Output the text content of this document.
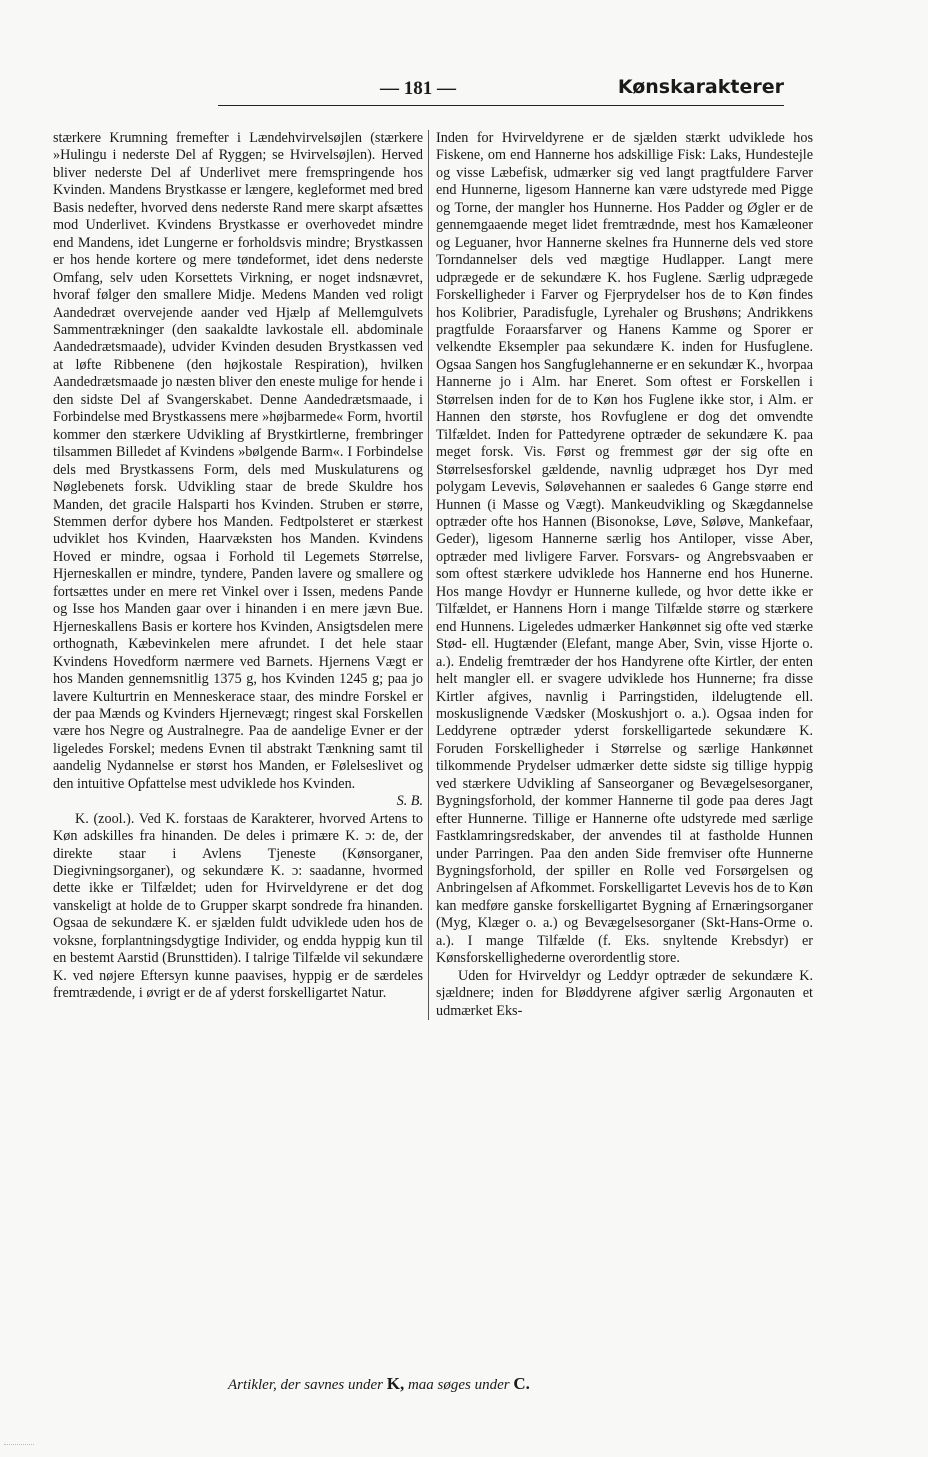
— 181 —	Kønskarakterer

stærkere Krumning fremefter i Lændehvirvelsøjlen (stærkere »Hulingu i nederste Del af Ryggen; se Hvirvelsøjlen). Herved bliver nederste Del af Underlivet mere fremspringende hos Kvinden. Mandens Brystkasse er længere, kegleformet med bred Basis nedefter, hvorved dens nederste Rand mere skarpt afsættes mod Underlivet. Kvindens Brystkasse er overhovedet mindre end Mandens, idet Lungerne er forholdsvis mindre; Brystkassen er hos hende kortere og mere tøndeformet, idet dens nederste Omfang, selv uden Korsettets Virkning, er noget indsnævret, hvoraf følger den smallere Midje. Medens Manden ved roligt Aandedræt overvejende aander ved Hjælp af Mellemgulvets Sammentrækninger (den saakaldte lavkostale ell. abdominale Aandedrætsmaade), udvider Kvinden desuden Brystkassen ved at løfte Ribbenene (den højkostale Respiration), hvilken Aandedrætsmaade jo næsten bliver den eneste mulige for hende i den sidste Del af Svangerskabet. Denne Aandedrætsmaade, i Forbindelse med Brystkassens mere »højbarmede« Form, hvortil kommer den stærkere Udvikling af Brystkirtlerne, frembringer tilsammen Billedet af Kvindens »bølgende Barm«. I Forbindelse dels med Brystkassens Form, dels med Muskulaturens og Nøglebenets forsk. Udvikling staar de brede Skuldre hos Manden, det gracile Halsparti hos Kvinden. Struben er større, Stemmen derfor dybere hos Manden. Fedtpolsteret er stærkest udviklet hos Kvinden, Haarvæksten hos Manden. Kvindens Hoved er mindre, ogsaa i Forhold til Legemets Størrelse, Hjerneskallen er mindre, tyndere, Panden lavere og smallere og fortsættes under en mere ret Vinkel over i Issen, medens Pande og Isse hos Manden gaar over i hinanden i en mere jævn Bue. Hjerneskallens Basis er kortere hos Kvinden, Ansigtsdelen mere orthognath, Kæbevinkelen mere afrundet. I det hele staar Kvindens Hovedform nærmere ved Barnets. Hjernens Vægt er hos Manden gennemsnitlig 1375 g, hos Kvinden 1245 g; paa jo lavere Kulturtrin en Menneskerace staar, des mindre Forskel er der paa Mænds og Kvinders Hjernevægt; ringest skal Forskellen være hos Negre og Australnegre. Paa de aandelige Evner er der ligeledes Forskel; medens Evnen til abstrakt Tænkning samt til aandelig Nydannelse er størst hos Manden, er Følelseslivet og den intuitive Opfattelse mest udviklede hos Kvinden.

S. B.

K. (zool.). Ved K. forstaas de Karakterer, hvorved Artens to Køn adskilles fra hinanden. De deles i primære K. ɔ: de, der direkte staar i Avlens Tjeneste (Kønsorganer, Diegivningsorganer), og sekundære K. ɔ: saadanne, hvormed dette ikke er Tilfældet; uden for Hvirveldyrene er det dog vanskeligt at holde de to Grupper skarpt sondrede fra hinanden. Ogsaa de sekundære K. er sjælden fuldt udviklede uden hos de voksne, forplantningsdygtige Individer, og endda hyppig kun til en bestemt Aarstid (Brunsttiden). I talrige Tilfælde vil sekundære K. ved nøjere Eftersyn kunne paavises, hyppig er de særdeles fremtrædende, i øvrigt er de af yderst forskelligartet Natur.

Inden for Hvirveldyrene er de sjælden stærkt udviklede hos Fiskene, om end Hannerne hos adskillige Fisk: Laks, Hundestejle og visse Læbefisk, udmærker sig ved langt pragtfuldere Farver end Hunnerne, ligesom Hannerne kan være udstyrede med Pigge og Torne, der mangler hos Hunnerne. Hos Padder og Øgler er de gennemgaaende meget lidet fremtrædnde, mest hos Kamæleoner og Leguaner, hvor Hannerne skelnes fra Hunnerne dels ved store Torndannelser dels ved mægtige Hudlapper. Langt mere udprægede er de sekundære K. hos Fuglene. Særlig udprægede Forskelligheder i Farver og Fjerprydelser hos de to Køn findes hos Kolibrier, Paradisfugle, Lyrehaler og Brushøns; Andrikkens pragtfulde Foraarsfarver og Hanens Kamme og Sporer er velkendte Eksempler paa sekundære K. inden for Husfuglene. Ogsaa Sangen hos Sangfuglehannerne er en sekundær K., hvorpaa Hannerne jo i Alm. har Eneret. Som oftest er Forskellen i Størrelsen inden for de to Køn hos Fuglene ikke stor, i Alm. er Hannen den største, hos Rovfuglene er dog det omvendte Tilfældet. Inden for Pattedyrene optræder de sekundære K. paa meget forsk. Vis. Først og fremmest gør der sig ofte en Størrelsesforskel gældende, navnlig udpræget hos Dyr med polygam Levevis, Søløvehannen er saaledes 6 Gange større end Hunnen (i Masse og Vægt). Mankeudvikling og Skægdannelse optræder ofte hos Hannen (Bisonokse, Løve, Søløve, Mankefaar, Geder), ligesom Hannerne særlig hos Antiloper, visse Aber, optræder med livligere Farver. Forsvars- og Angrebsvaaben er som oftest stærkere udviklede hos Hannerne end hos Hunerne. Hos mange Hovdyr er Hunnerne kullede, og hvor dette ikke er Tilfældet, er Hannens Horn i mange Tilfælde større og stærkere end Hunnens. Ligeledes udmærker Hankønnet sig ofte ved stærke Stød- ell. Hugtænder (Elefant, mange Aber, Svin, visse Hjorte o. a.). Endelig fremtræder der hos Handyrene ofte Kirtler, der enten helt mangler ell. er svagere udviklede hos Hunnerne; fra disse Kirtler afgives, navnlig i Parringstiden, ildelugtende ell. moskuslignende Vædsker (Moskushjort o. a.). Ogsaa inden for Leddyrene optræder yderst forskelligartede sekundære K. Foruden Forskelligheder i Størrelse og særlige Hankønnet tilkommende Prydelser udmærker dette sidste sig tillige hyppig ved stærkere Udvikling af Sanseorganer og Bevægelsesorganer, Bygningsforhold, der kommer Hannerne til gode paa deres Jagt efter Hunnerne. Tillige er Hannerne ofte udstyrede med særlige Fastklamringsredskaber, der anvendes til at fastholde Hunnen under Parringen. Paa den anden Side fremviser ofte Hunnerne Bygningsforhold, der spiller en Rolle ved Forsørgelsen og Anbringelsen af Afkommet. Forskelligartet Levevis hos de to Køn kan medføre ganske forskelligartet Bygning af Ernæringsorganer (Myg, Klæger o. a.) og Bevægelsesorganer (Skt-Hans-Orme o. a.). I mange Tilfælde (f. Eks. snyltende Krebsdyr) er Kønsforskellighederne overordentlig store.

Uden for Hvirveldyr og Leddyr optræder de sekundære K. sjældnere; inden for Bløddyrene afgiver særlig Argonauten et udmærket Eks-

Artikler, der savnes under K, maa søges under C.
